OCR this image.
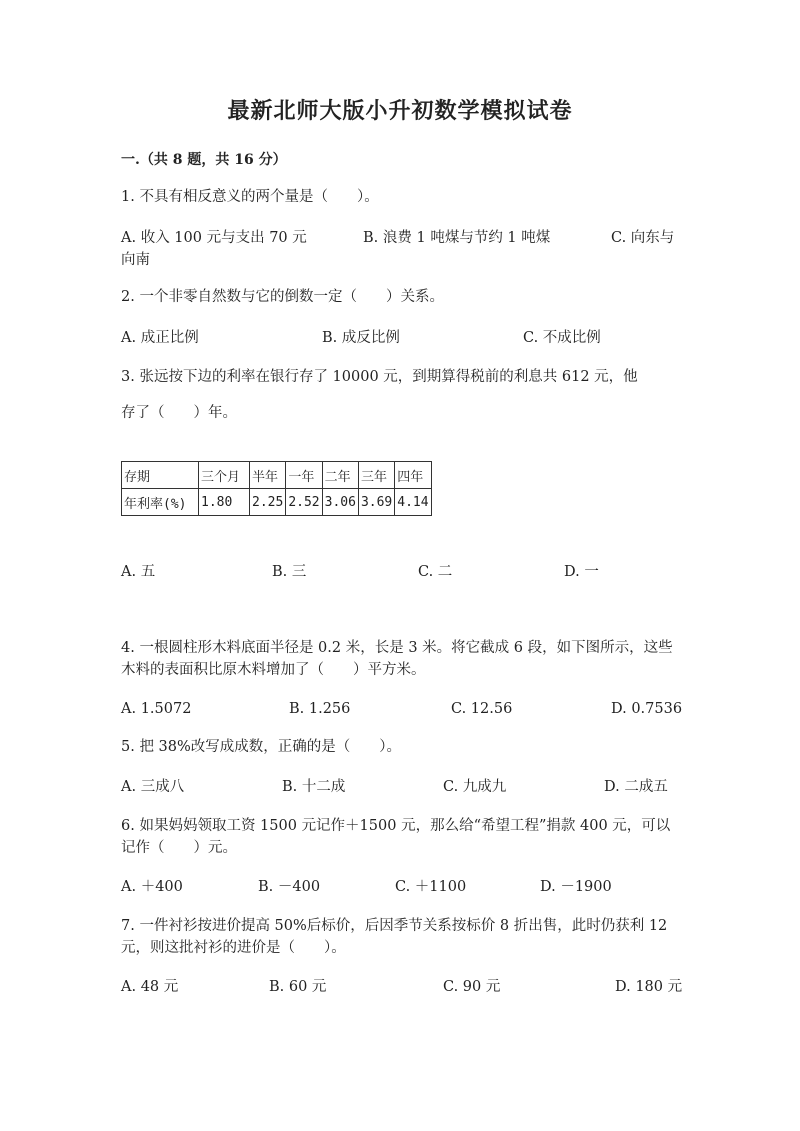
最新北师大版小升初数学模拟试卷
一.（共 8 题，共 16 分）
1. 不具有相反意义的两个量是（　　）。
A. 收入 100 元与支出 70 元	B. 浪费 1 吨煤与节约 1 吨煤	C. 向东与向南
2. 一个非零自然数与它的倒数一定（　　）关系。
A. 成正比例	B. 成反比例	C. 不成比例
3. 张远按下边的利率在银行存了 10000 元，到期算得税前的利息共 612 元，他
存了（　　）年。
存期	三个月	半年	一年	二年	三年	四年
年利率(%)	1.80	2.25	2.52	3.06	3.69	4.14
A. 五	B. 三	C. 二	D. 一
4. 一根圆柱形木料底面半径是 0.2 米，长是 3 米。将它截成 6 段，如下图所示，这些木料的表面积比原木料增加了（　　）平方米。
A. 1.5072	B. 1.256	C. 12.56	D. 0.7536
5. 把 38%改写成成数，正确的是（　　）。
A. 三成八	B. 十二成	C. 九成九	D. 二成五
6. 如果妈妈领取工资 1500 元记作＋1500 元，那么给“希望工程”捐款 400 元，可以记作（　　）元。
A. ＋400	B. －400	C. ＋1100	D. －1900
7. 一件衬衫按进价提高 50%后标价，后因季节关系按标价 8 折出售，此时仍获利 12 元，则这批衬衫的进价是（　　）。
A. 48 元	B. 60 元	C. 90 元	D. 180 元
